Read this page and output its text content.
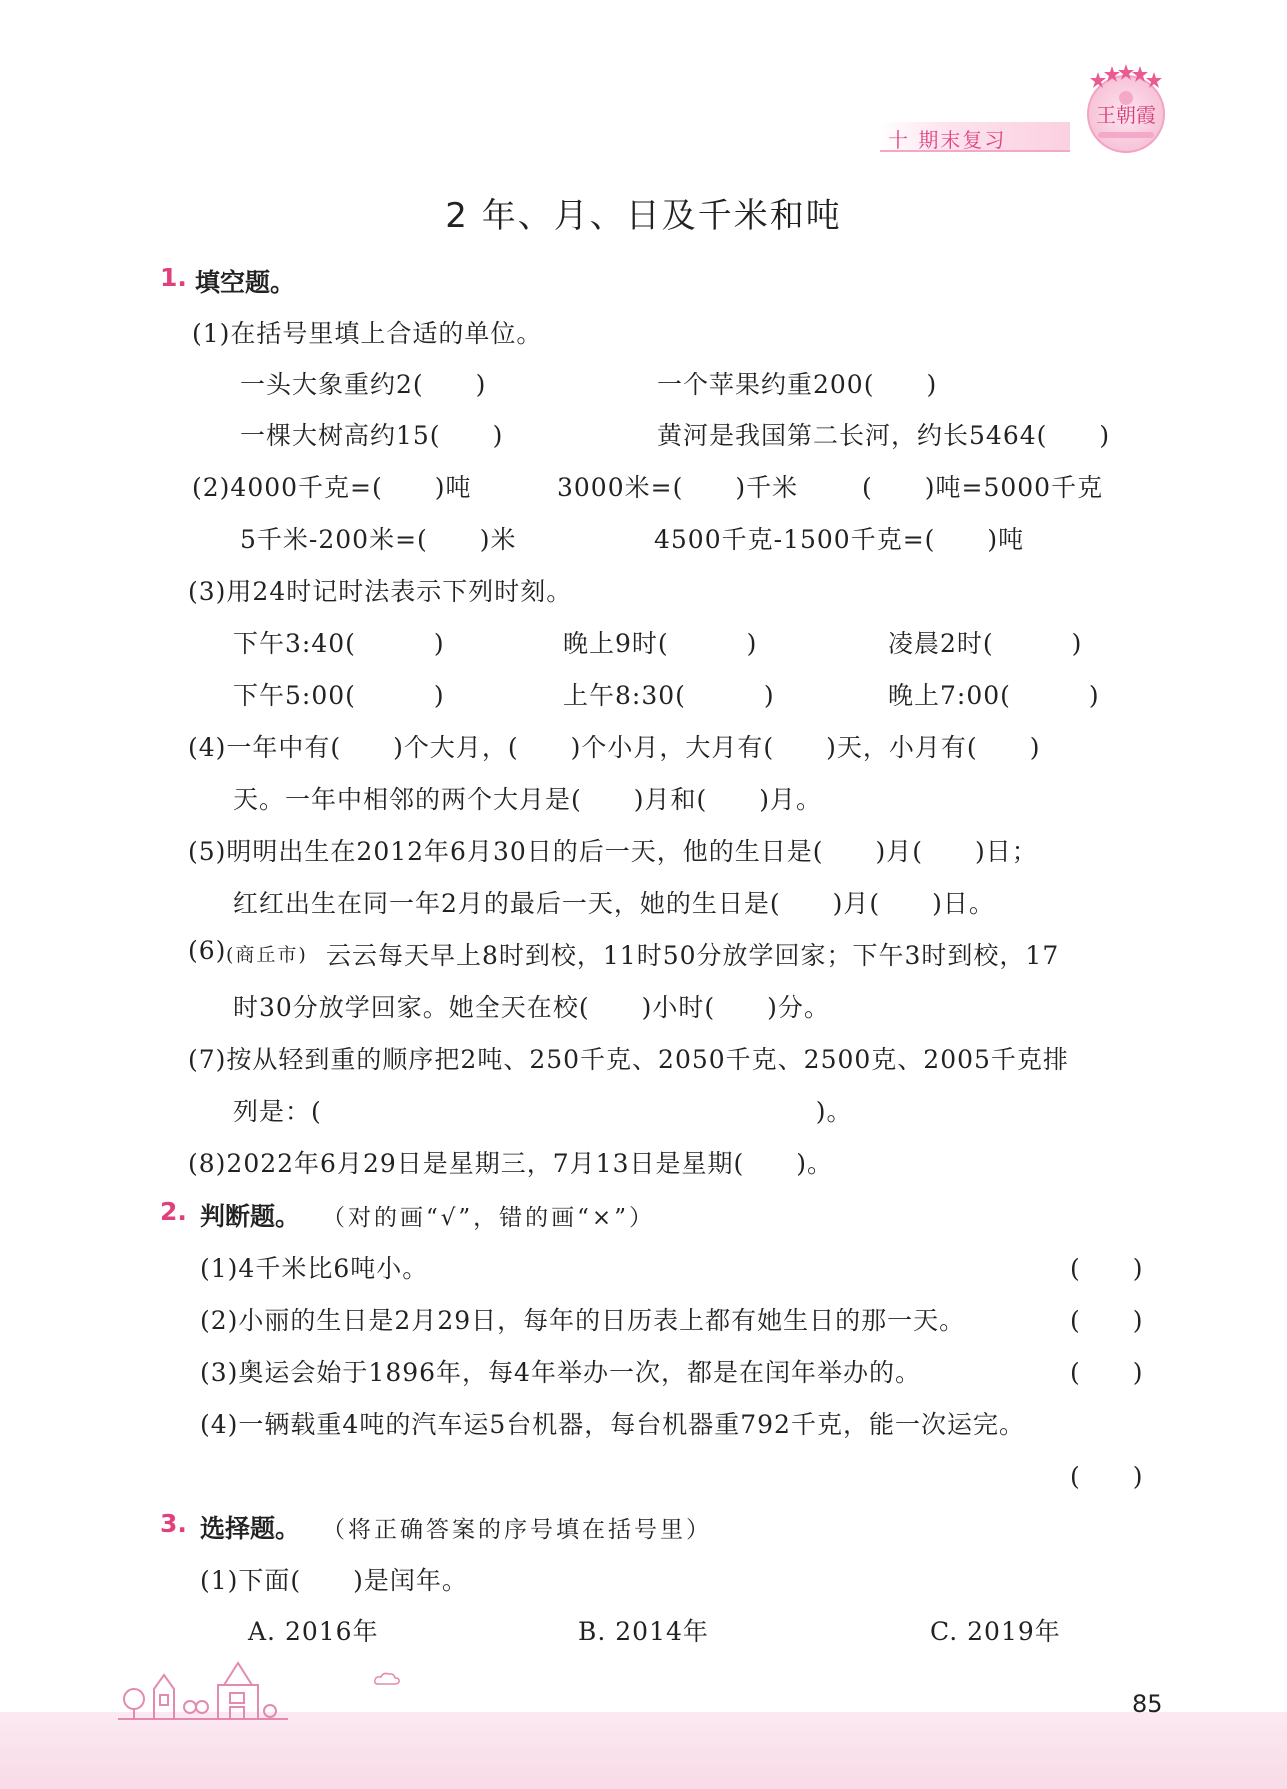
十 期末复习
王朝霞
2 年、月、日及千米和吨
1. 填空题。
(1)在括号里填上合适的单位。
一头大象重约2(　　)	一个苹果约重200(　　)
一棵大树高约15(　　)	黄河是我国第二长河，约长5464(　　)
(2)4000千克=(　　)吨	3000米=(　　)千米	(　　)吨=5000千克
5千米-200米=(　　)米	4500千克-1500千克=(　　)吨
(3)用24时记时法表示下列时刻。
下午3:40(　　　)	晚上9时(　　　)	凌晨2时(　　　)
下午5:00(　　　)	上午8:30(　　　)	晚上7:00(　　　)
(4)一年中有(　　)个大月，(　　)个小月，大月有(　　)天，小月有(　　)
天。一年中相邻的两个大月是(　　)月和(　　)月。
(5)明明出生在2012年6月30日的后一天，他的生日是(　　)月(　　)日；
红红出生在同一年2月的最后一天，她的生日是(　　)月(　　)日。
(6) (商丘市) 云云每天早上8时到校，11时50分放学回家；下午3时到校，17
时30分放学回家。她全天在校(　　)小时(　　)分。
(7)按从轻到重的顺序把2吨、250千克、2050千克、2500克、2005千克排
列是：(　　　　　　　　　　　　　　　　　　　)。
(8)2022年6月29日是星期三，7月13日是星期(　　)。
2. 判断题。 （对的画“√”，错的画“×”）
(1)4千米比6吨小。	(　　)
(2)小丽的生日是2月29日，每年的日历表上都有她生日的那一天。	(　　)
(3)奥运会始于1896年，每4年举办一次，都是在闰年举办的。	(　　)
(4)一辆载重4吨的汽车运5台机器，每台机器重792千克，能一次运完。
(　　)
3. 选择题。 （将正确答案的序号填在括号里）
(1)下面(　　)是闰年。
A. 2016年	B. 2014年	C. 2019年
85
